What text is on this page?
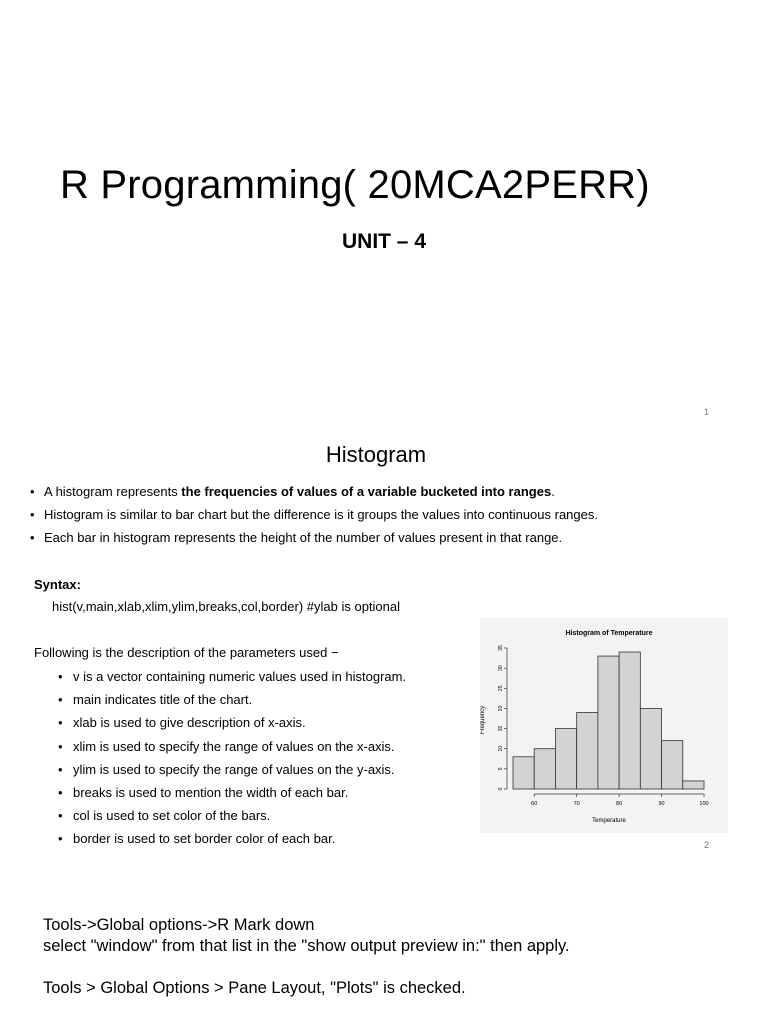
R Programming( 20MCA2PERR)
UNIT – 4
1
Histogram
• A histogram represents the frequencies of values of a variable bucketed into ranges.
• Histogram is similar to bar chart but the difference is it groups the values into continuous ranges.
• Each bar in histogram represents the height of the number of values present in that range.
Syntax:
hist(v,main,xlab,xlim,ylim,breaks,col,border) #ylab is optional
Following is the description of the parameters used −
• v is a vector containing numeric values used in histogram.
• main indicates title of the chart.
• xlab is used to give description of x-axis.
• xlim is used to specify the range of values on the x-axis.
• ylim is used to specify the range of values on the y-axis.
• breaks is used to mention the width of each bar.
• col is used to set color of the bars.
• border is used to set border color of each bar.
Histogram of Temperature
Temperature
Frequency
60	70	80	90	100
0
5
10
15
20
25
30
35
2
Tools->Global options->R Mark down
select "window" from that list in the "show output preview in:" then apply.
Tools > Global Options > Pane Layout, "Plots" is checked.
